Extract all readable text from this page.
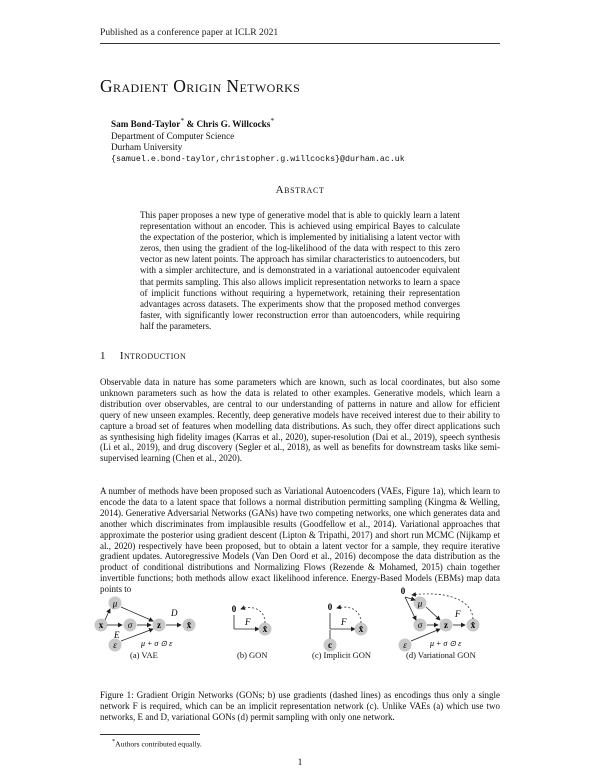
Published as a conference paper at ICLR 2021
Gradient Origin Networks
Sam Bond-Taylor* & Chris G. Willcocks*
Department of Computer Science
Durham University
{samuel.e.bond-taylor,christopher.g.willcocks}@durham.ac.uk
Abstract
This paper proposes a new type of generative model that is able to quickly learn a latent representation without an encoder. This is achieved using empirical Bayes to calculate the expectation of the posterior, which is implemented by initialising a latent vector with zeros, then using the gradient of the log-likelihood of the data with respect to this zero vector as new latent points. The approach has similar characteristics to autoencoders, but with a simpler architecture, and is demonstrated in a variational autoencoder equivalent that permits sampling. This also allows implicit representation networks to learn a space of implicit functions without requiring a hypernetwork, retaining their representation advantages across datasets. The experiments show that the proposed method converges faster, with significantly lower reconstruction error than autoencoders, while requiring half the parameters.
1 Introduction
Observable data in nature has some parameters which are known, such as local coordinates, but also some unknown parameters such as how the data is related to other examples. Generative models, which learn a distribution over observables, are central to our understanding of patterns in nature and allow for efficient query of new unseen examples. Recently, deep generative models have received interest due to their ability to capture a broad set of features when modelling data distributions. As such, they offer direct applications such as synthesising high fidelity images (Karras et al., 2020), super-resolution (Dai et al., 2019), speech synthesis (Li et al., 2019), and drug discovery (Segler et al., 2018), as well as benefits for downstream tasks like semi-supervised learning (Chen et al., 2020).
A number of methods have been proposed such as Variational Autoencoders (VAEs, Figure 1a), which learn to encode the data to a latent space that follows a normal distribution permitting sampling (Kingma & Welling, 2014). Generative Adversarial Networks (GANs) have two competing networks, one which generates data and another which discriminates from implausible results (Goodfellow et al., 2014). Variational approaches that approximate the posterior using gradient descent (Lipton & Tripathi, 2017) and short run MCMC (Nijkamp et al., 2020) respectively have been proposed, but to obtain a latent vector for a sample, they require iterative gradient updates. Autoregressive Models (Van Den Oord et al., 2016) decompose the data distribution as the product of conditional distributions and Normalizing Flows (Rezende & Mohamed, 2015) chain together invertible functions; both methods allow exact likelihood inference. Energy-Based Models (EBMs) map data points to
μ
x	σ	z	x̂
ε
E
D
μ + σ ⊙ ε
0
x̂
F
0
x̂
c
F
0
μ
σ z	x̂
ε
F
μ + σ ⊙ ε
(a) VAE	(b) GON	(c) Implicit GON	(d) Variational GON
Figure 1: Gradient Origin Networks (GONs; b) use gradients (dashed lines) as encodings thus only a single network F is required, which can be an implicit representation network (c). Unlike VAEs (a) which use two networks, E and D, variational GONs (d) permit sampling with only one network.
*Authors contributed equally.
1
